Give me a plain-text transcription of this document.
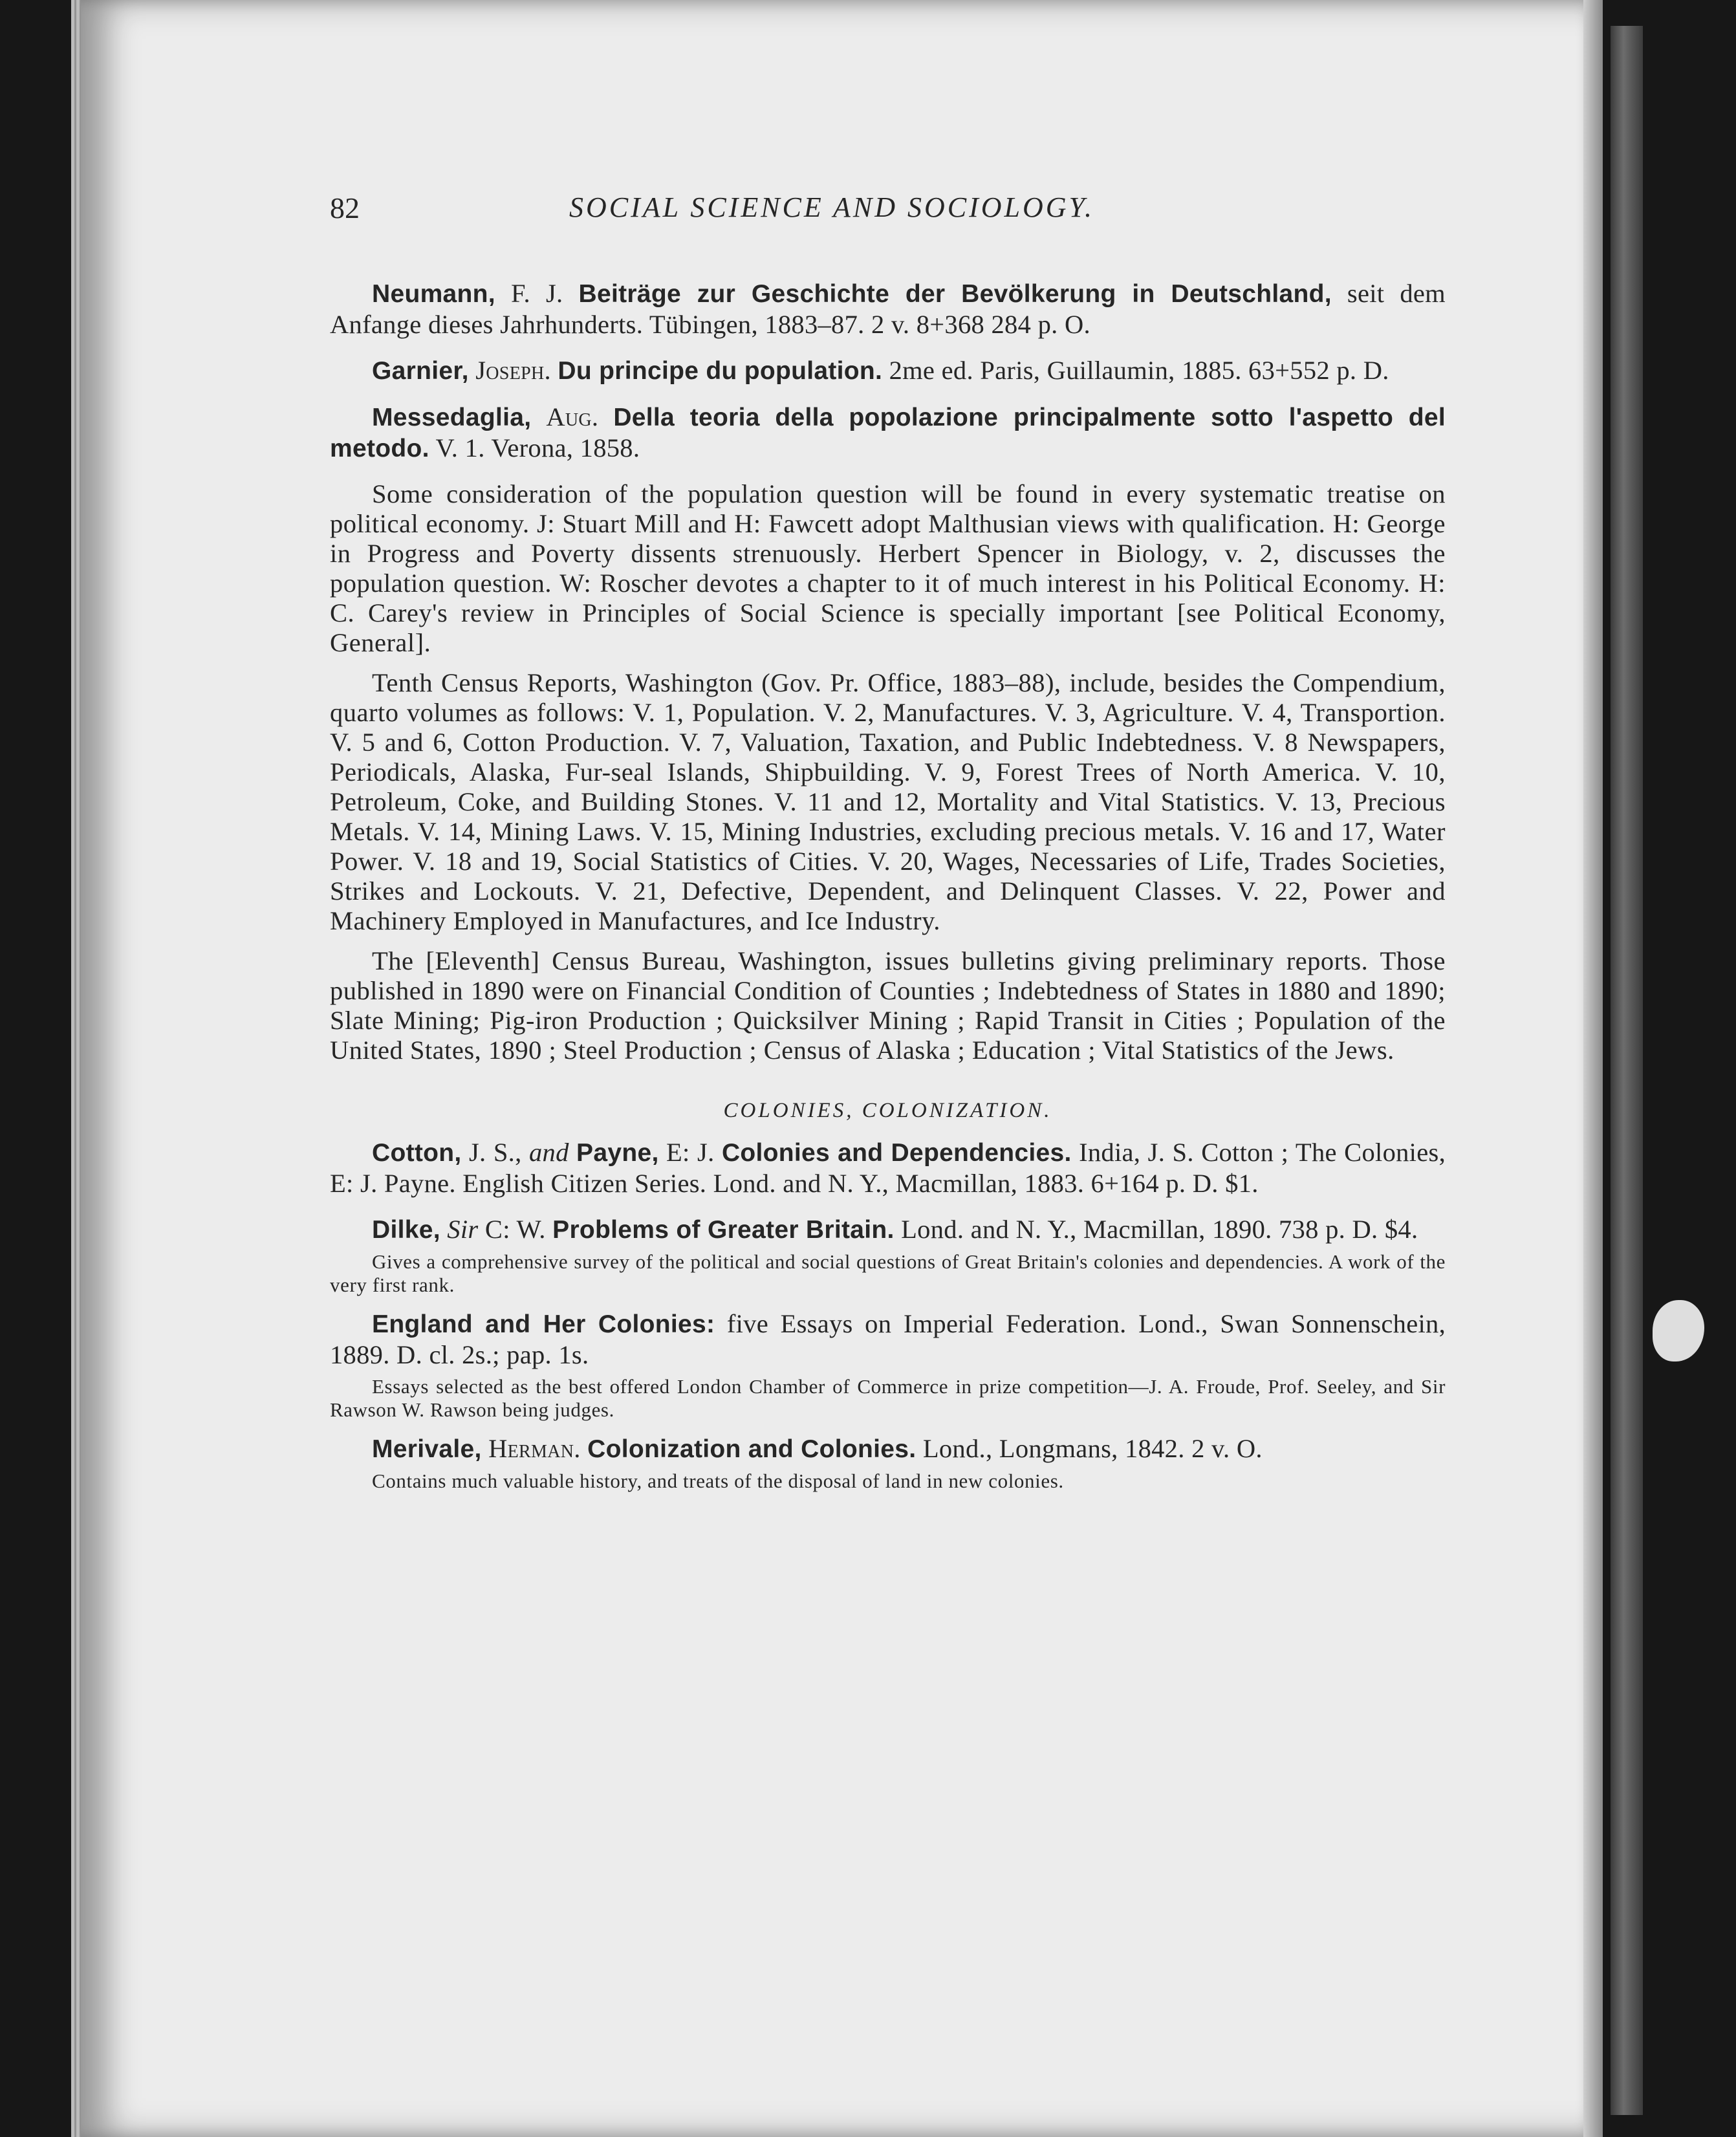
82	SOCIAL SCIENCE AND SOCIOLOGY.

Neumann, F. J. Beiträge zur Geschichte der Bevölkerung in Deutschland, seit dem Anfange dieses Jahrhunderts. Tübingen, 1883–87. 2 v. 8+368 284 p. O.

Garnier, Joseph. Du principe du population. 2me ed. Paris, Guillaumin, 1885. 63+552 p. D.

Messedaglia, Aug. Della teoria della popolazione principalmente sotto l'aspetto del metodo. V. 1. Verona, 1858.

Some consideration of the population question will be found in every systematic treatise on political economy. J: Stuart Mill and H: Fawcett adopt Malthusian views with qualification. H: George in Progress and Poverty dissents strenuously. Herbert Spencer in Biology, v. 2, discusses the population question. W: Roscher devotes a chapter to it of much interest in his Political Economy. H: C. Carey's review in Principles of Social Science is specially important [see Political Economy, General].

Tenth Census Reports, Washington (Gov. Pr. Office, 1883–88), include, besides the Compendium, quarto volumes as follows: V. 1, Population. V. 2, Manufactures. V. 3, Agriculture. V. 4, Transportion. V. 5 and 6, Cotton Production. V. 7, Valuation, Taxation, and Public Indebtedness. V. 8 Newspapers, Periodicals, Alaska, Fur-seal Islands, Shipbuilding. V. 9, Forest Trees of North America. V. 10, Petroleum, Coke, and Building Stones. V. 11 and 12, Mortality and Vital Statistics. V. 13, Precious Metals. V. 14, Mining Laws. V. 15, Mining Industries, excluding precious metals. V. 16 and 17, Water Power. V. 18 and 19, Social Statistics of Cities. V. 20, Wages, Necessaries of Life, Trades Societies, Strikes and Lockouts. V. 21, Defective, Dependent, and Delinquent Classes. V. 22, Power and Machinery Employed in Manufactures, and Ice Industry.

The [Eleventh] Census Bureau, Washington, issues bulletins giving preliminary reports. Those published in 1890 were on Financial Condition of Counties ; Indebtedness of States in 1880 and 1890; Slate Mining; Pig-iron Production ; Quicksilver Mining ; Rapid Transit in Cities ; Population of the United States, 1890 ; Steel Production ; Census of Alaska ; Education ; Vital Statistics of the Jews.

COLONIES, COLONIZATION.

Cotton, J. S., and Payne, E: J. Colonies and Dependencies. India, J. S. Cotton ; The Colonies, E: J. Payne. English Citizen Series. Lond. and N. Y., Macmillan, 1883. 6+164 p. D. $1.

Dilke, Sir C: W. Problems of Greater Britain. Lond. and N. Y., Macmillan, 1890. 738 p. D. $4.

Gives a comprehensive survey of the political and social questions of Great Britain's colonies and dependencies. A work of the very first rank.

England and Her Colonies: five Essays on Imperial Federation. Lond., Swan Sonnenschein, 1889. D. cl. 2s.; pap. 1s.

Essays selected as the best offered London Chamber of Commerce in prize competition—J. A. Froude, Prof. Seeley, and Sir Rawson W. Rawson being judges.

Merivale, Herman. Colonization and Colonies. Lond., Longmans, 1842. 2 v. O.

Contains much valuable history, and treats of the disposal of land in new colonies.
